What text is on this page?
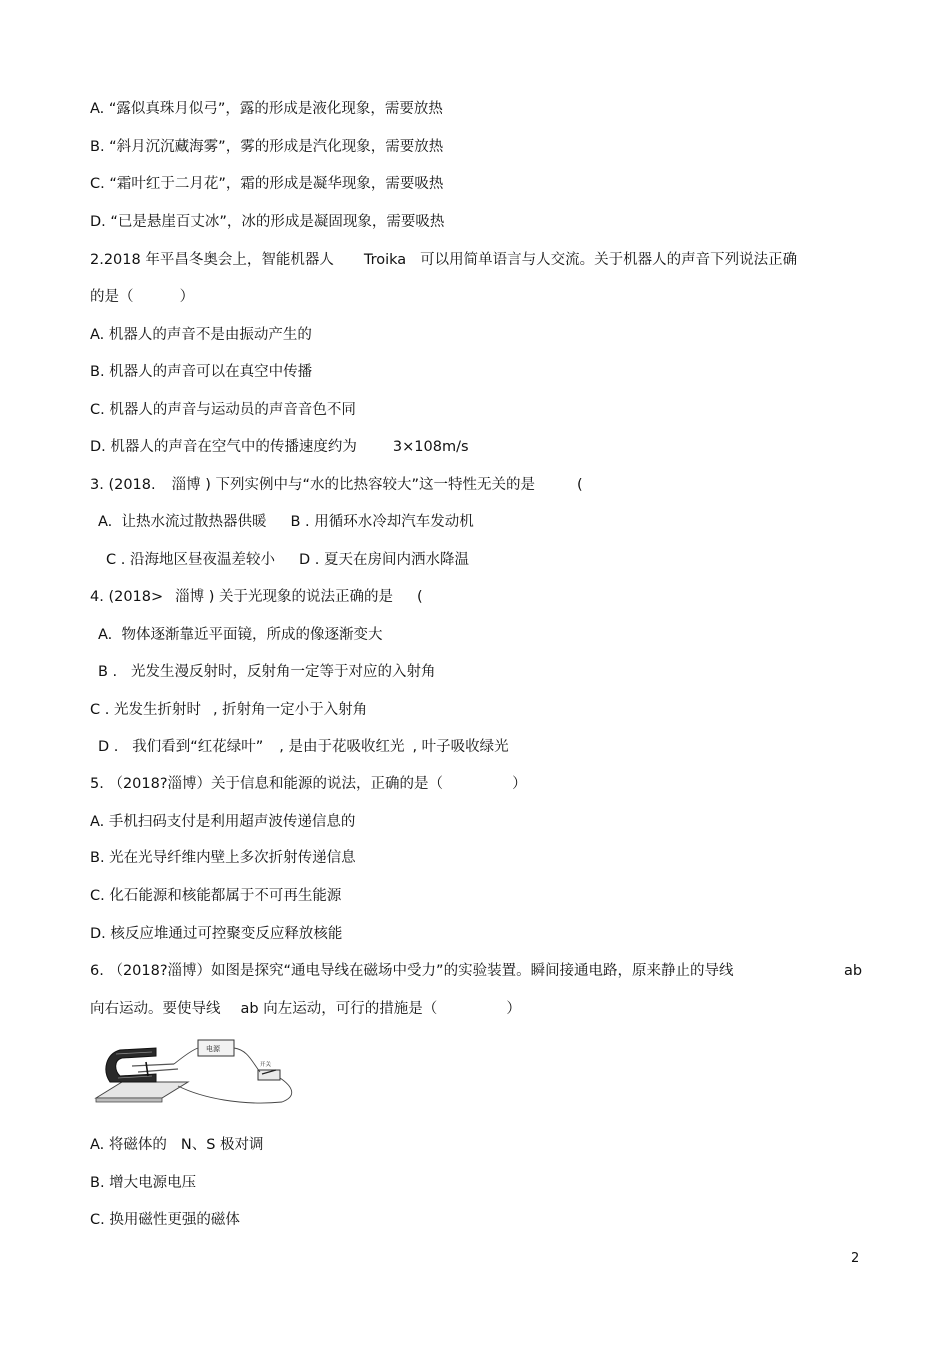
A. “露似真珠月似弓”，露的形成是液化现象，需要放热
B. “斜月沉沉藏海雾”，雾的形成是汽化现象，需要放热
C. “霜叶红于二月花”，霜的形成是凝华现象，需要吸热
D. “已是悬崖百丈冰”，冰的形成是凝固现象，需要吸热
2.2018 年平昌冬奥会上，智能机器人 Troika 可以用简单语言与人交流。关于机器人的声音下列说法正确
的是（          ）
A. 机器人的声音不是由振动产生的
B. 机器人的声音可以在真空中传播
C. 机器人的声音与运动员的声音音色不同
D. 机器人的声音在空气中的传播速度约为 3×108m/s
3. (2018. 淄博 ) 下列实例中与“水的比热容较大”这一特性无关的是	(
A.  让热水流过散热器供暖 B . 用循环水冷却汽车发动机
C . 沿海地区昼夜温差较小 D . 夏天在房间内洒水降温
4. (2018> 淄博 ) 关于光现象的说法正确的是 (
A.  物体逐渐靠近平面镜，所成的像逐渐变大
B .   光发生漫反射时，反射角一定等于对应的入射角
C . 光发生折射时 , 折射角一定小于入射角
D .   我们看到“红花绿叶” , 是由于花吸收红光 , 叶子吸收绿光
5. （2018?淄博）关于信息和能源的说法，正确的是（               ）
A. 手机扫码支付是利用超声波传递信息的
B. 光在光导纤维内壁上多次折射传递信息
C. 化石能源和核能都属于不可再生能源
D. 核反应堆通过可控聚变反应释放核能
6. （2018?淄博）如图是探究“通电导线在磁场中受力”的实验装置。瞬间接通电路，原来静止的导线	ab
向右运动。要使导线 ab 向左运动，可行的措施是（               ）
电源
开关
A. 将磁体的 N、S 极对调
B. 增大电源电压
C. 换用磁性更强的磁体
2
